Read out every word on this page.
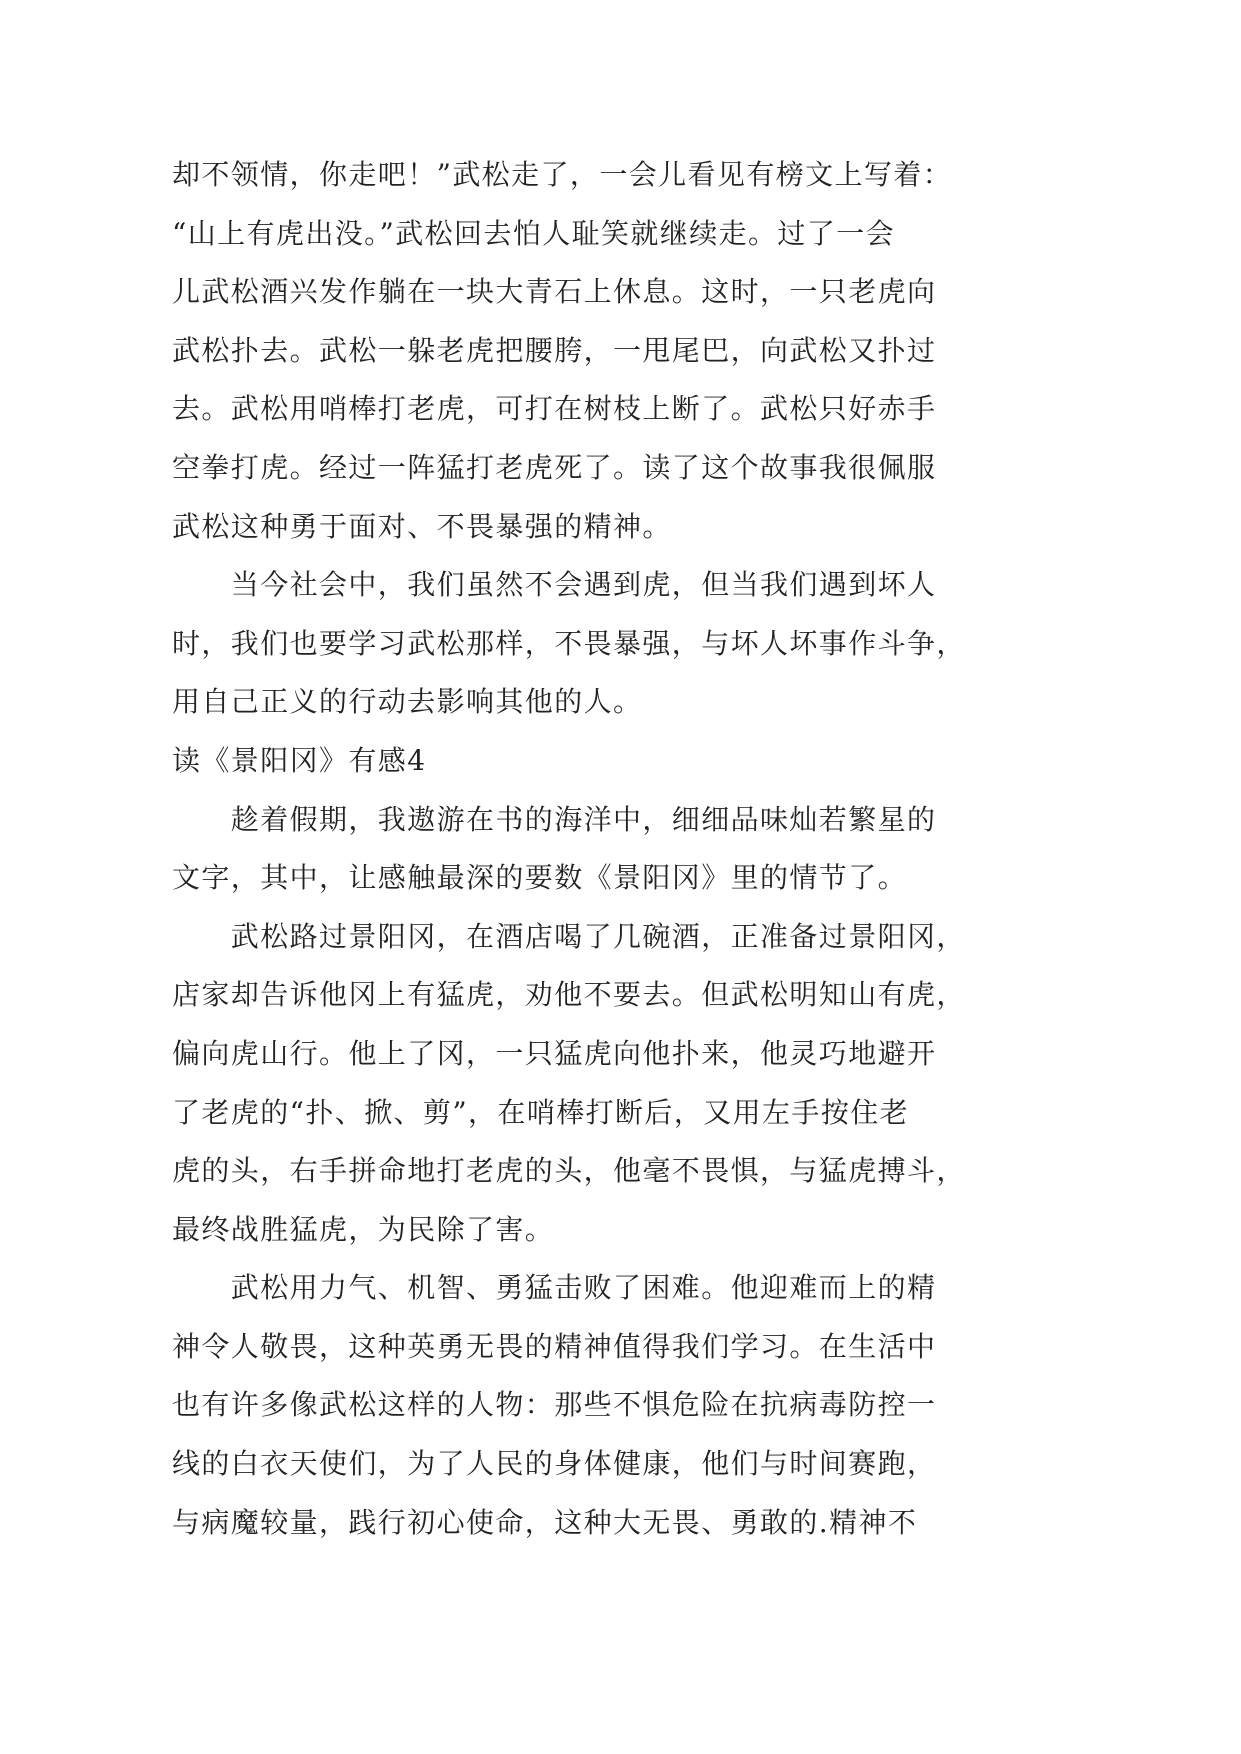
却不领情，你走吧！”武松走了，一会儿看见有榜文上写着：
“山上有虎出没。”武松回去怕人耻笑就继续走。过了一会
儿武松酒兴发作躺在一块大青石上休息。这时，一只老虎向
武松扑去。武松一躲老虎把腰胯，一甩尾巴，向武松又扑过
去。武松用哨棒打老虎，可打在树枝上断了。武松只好赤手
空拳打虎。经过一阵猛打老虎死了。读了这个故事我很佩服
武松这种勇于面对、不畏暴强的精神。
当今社会中，我们虽然不会遇到虎，但当我们遇到坏人
时，我们也要学习武松那样，不畏暴强，与坏人坏事作斗争，
用自己正义的行动去影响其他的人。
读《景阳冈》有感4
趁着假期，我遨游在书的海洋中，细细品味灿若繁星的
文字，其中，让感触最深的要数《景阳冈》里的情节了。
武松路过景阳冈，在酒店喝了几碗酒，正准备过景阳冈，
店家却告诉他冈上有猛虎，劝他不要去。但武松明知山有虎，
偏向虎山行。他上了冈，一只猛虎向他扑来，他灵巧地避开
了老虎的“扑、掀、剪”，在哨棒打断后，又用左手按住老
虎的头，右手拼命地打老虎的头，他毫不畏惧，与猛虎搏斗，
最终战胜猛虎，为民除了害。
武松用力气、机智、勇猛击败了困难。他迎难而上的精
神令人敬畏，这种英勇无畏的精神值得我们学习。在生活中
也有许多像武松这样的人物：那些不惧危险在抗病毒防控一
线的白衣天使们，为了人民的身体健康，他们与时间赛跑，
与病魔较量，践行初心使命，这种大无畏、勇敢的.精神不
